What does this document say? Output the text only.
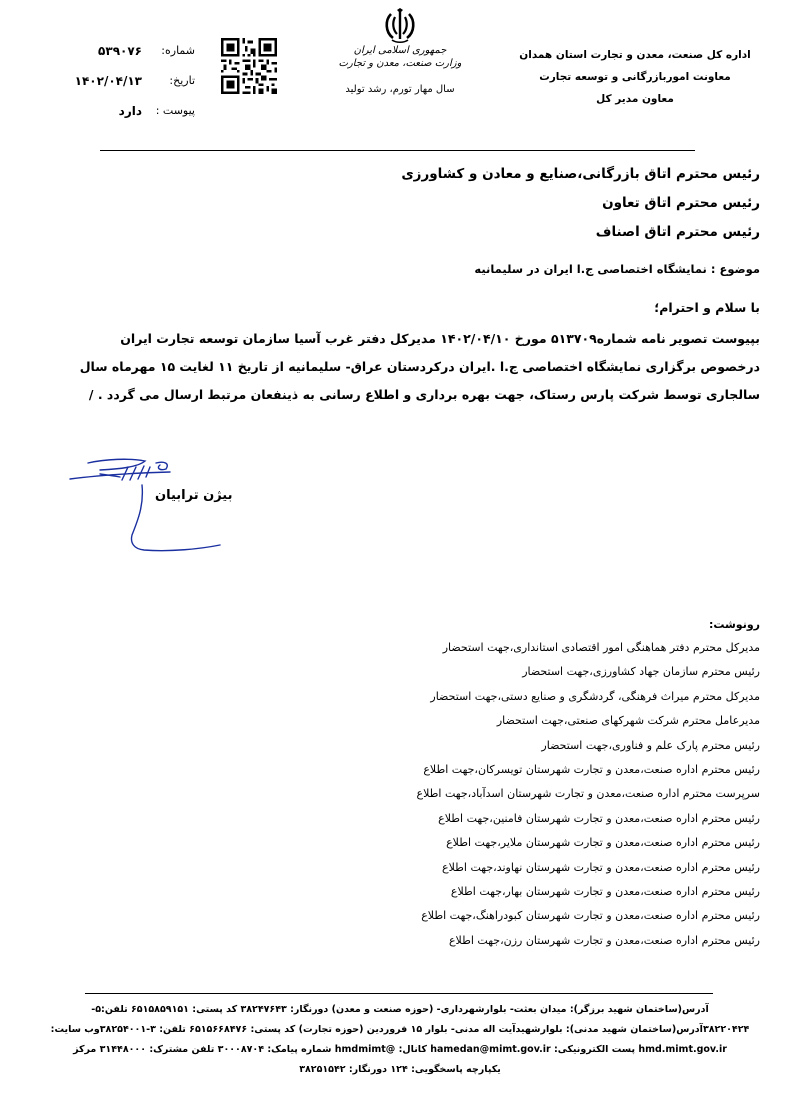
اداره کل صنعت، معدن و تجارت استان همدان
معاونت اموربازرگانی و توسعه تجارت
معاون مدیر کل
جمهوری اسلامی ایران
وزارت صنعت، معدن و تجارت
سال مهار تورم، رشد تولید
شماره:
۵۳۹۰۷۶
تاریخ:
۱۴۰۲/۰۴/۱۳
پیوست :
دارد
رئیس محترم اتاق بازرگانی،صنایع و معادن و کشاورزی
رئیس محترم اتاق تعاون
رئیس محترم اتاق اصناف
موضوع : نمایشگاه اختصاصی ج.ا ایران در سلیمانیه
با سلام و احترام؛
بپیوست تصویر نامه شماره۵۱۳۷۰۹ مورخ ۱۴۰۲/۰۴/۱۰ مدیرکل دفتر غرب آسیا سازمان توسعه تجارت ایران
درخصوص برگزاری نمایشگاه اختصاصی ج.ا .ایران درکردستان عراق- سلیمانیه از تاریخ ۱۱ لغایت ۱۵ مهرماه سال
سالجاری توسط شرکت پارس رستاک، جهت بهره برداری و اطلاع رسانی به ذینفعان مرتبط ارسال می گردد . /
بیژن ترابیان
رونوشت:
مدیرکل محترم دفتر هماهنگی امور اقتصادی استانداری،جهت استحضار
رئیس محترم سازمان جهاد کشاورزی،جهت استحضار
مدیرکل محترم میراث فرهنگی، گردشگری و صنایع دستی،جهت استحضار
مدیرعامل محترم شرکت شهرکهای صنعتی،جهت استحضار
رئیس محترم پارک علم و فناوری،جهت استحضار
رئیس محترم اداره صنعت،معدن و تجارت شهرستان تویسرکان،جهت اطلاع
سرپرست محترم اداره صنعت،معدن و تجارت شهرستان اسدآباد،جهت اطلاع
رئیس محترم اداره صنعت،معدن و تجارت شهرستان فامنین،جهت اطلاع
رئیس محترم اداره صنعت،معدن و تجارت شهرستان ملایر،جهت اطلاع
رئیس محترم اداره صنعت،معدن و تجارت شهرستان نهاوند،جهت اطلاع
رئیس محترم اداره صنعت،معدن و تجارت شهرستان بهار،جهت اطلاع
رئیس محترم اداره صنعت،معدن و تجارت شهرستان کبودراهنگ،جهت اطلاع
رئیس محترم اداره صنعت،معدن و تجارت شهرستان رزن،جهت اطلاع
آدرس(ساختمان شهید برزگر): میدان بعثت- بلوارشهرداری- (حوزه صنعت و معدن) دورنگار: ۳۸۲۴۷۶۴۳ کد پستی: ۶۵۱۵۸۵۹۱۵۱ تلفن:۵-
۳۸۲۲۰۴۲۴آدرس(ساختمان شهید مدنی): بلوارشهیدآیت اله مدنی- بلوار ۱۵ فروردین (حوزه تجارت) کد پستی: ۶۵۱۵۶۶۸۴۷۶ تلفن: ۳-۳۸۲۵۴۰۰۱وب سایت:
hmd.mimt.gov.ir پست الکترونیکی: hamedan@mimt.gov.ir کانال: @hmdmimt شماره پیامک: ۳۰۰۰۸۷۰۴ تلفن مشترک: ۳۱۴۴۸۰۰۰ مرکز
یکپارچه پاسخگویی: ۱۲۴ دورنگار: ۳۸۲۵۱۵۴۲
